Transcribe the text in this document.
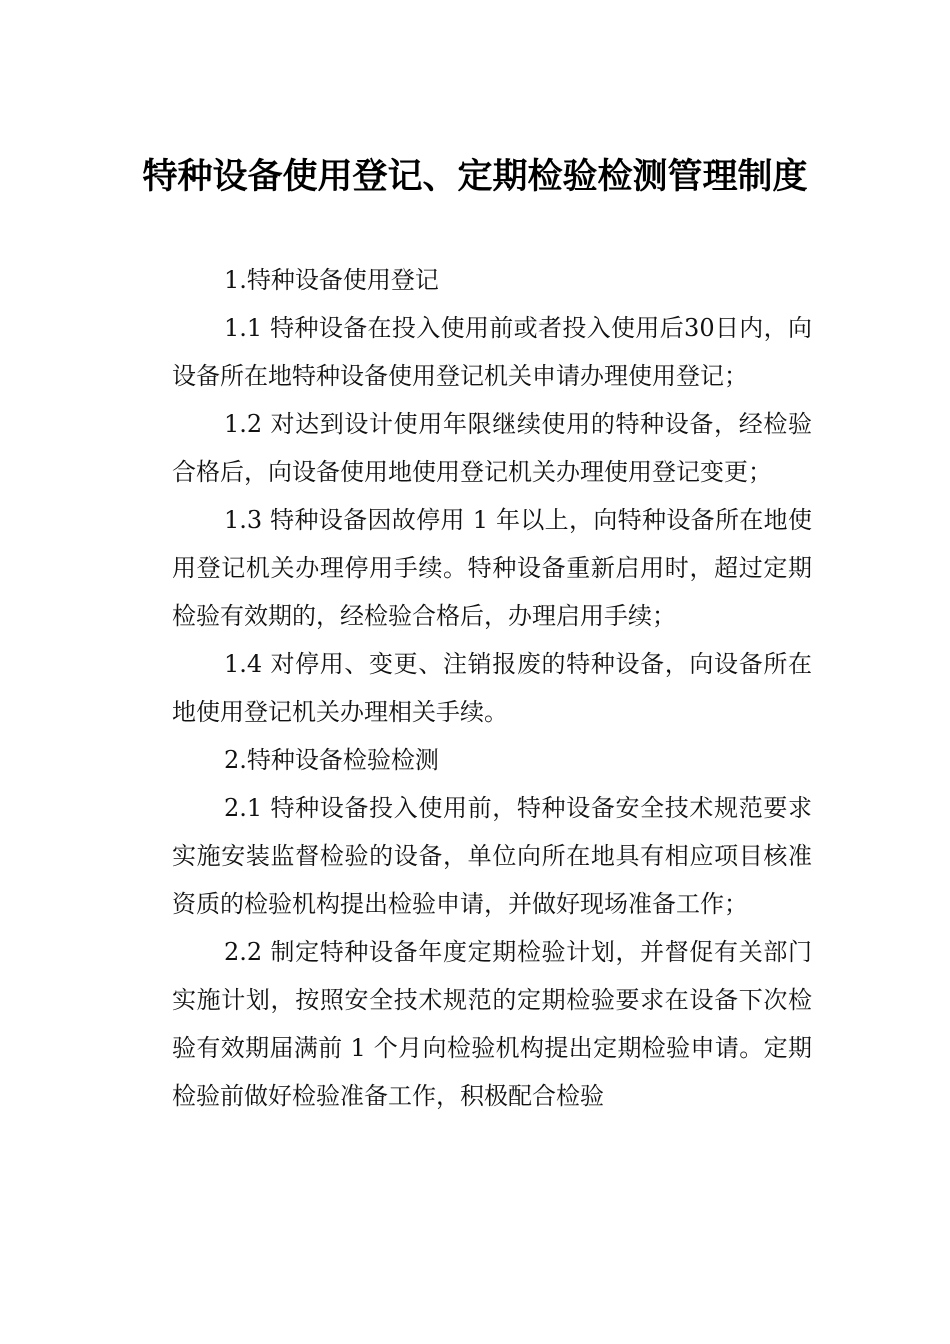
特种设备使用登记、定期检验检测管理制度

1.特种设备使用登记

1.1 特种设备在投入使用前或者投入使用后30日内，向设备所在地特种设备使用登记机关申请办理使用登记；

1.2 对达到设计使用年限继续使用的特种设备，经检验合格后，向设备使用地使用登记机关办理使用登记变更；

1.3 特种设备因故停用 1 年以上，向特种设备所在地使用登记机关办理停用手续。特种设备重新启用时，超过定期检验有效期的，经检验合格后，办理启用手续；

1.4 对停用、变更、注销报废的特种设备，向设备所在地使用登记机关办理相关手续。

2.特种设备检验检测

2.1 特种设备投入使用前，特种设备安全技术规范要求实施安装监督检验的设备，单位向所在地具有相应项目核准资质的检验机构提出检验申请，并做好现场准备工作；

2.2 制定特种设备年度定期检验计划，并督促有关部门实施计划，按照安全技术规范的定期检验要求在设备下次检验有效期届满前 1 个月向检验机构提出定期检验申请。定期检验前做好检验准备工作，积极配合检验
